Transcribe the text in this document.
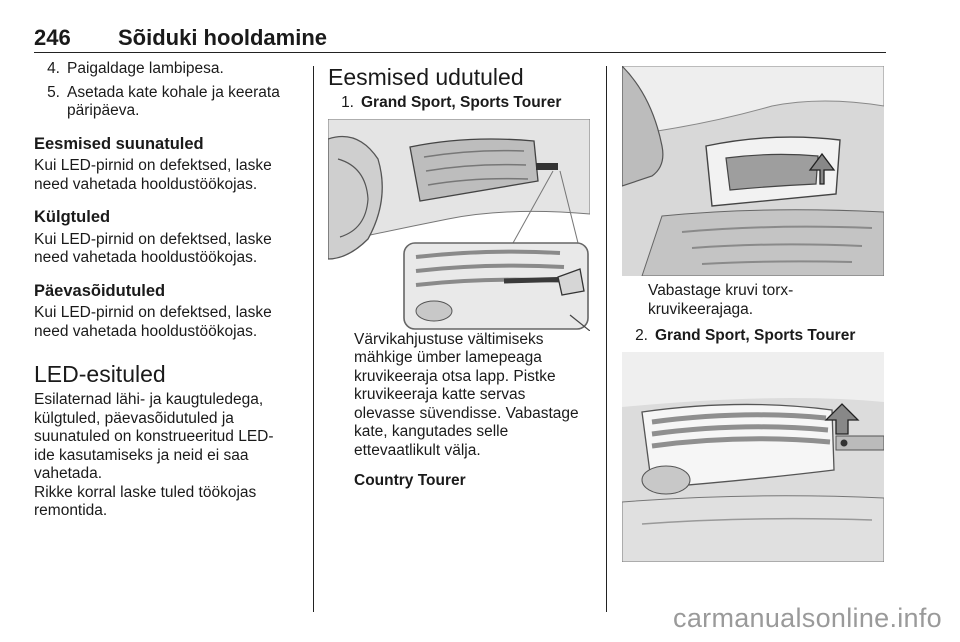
246 Sõiduki hooldamine
4. Paigaldage lambipesa.
5. Asetada kate kohale ja keerata päripäeva.
Eesmised suunatuled

Kui LED-pirnid on defektsed, laske need vahetada hooldustöökojas.

Külgtuled

Kui LED-pirnid on defektsed, laske need vahetada hooldustöökojas.

Päevasõidutuled

Kui LED-pirnid on defektsed, laske need vahetada hooldustöökojas.

LED-esituled

Esilaternad lähi- ja kaugtuledega, külgtuled, päevasõidutuled ja suunatuled on konstrueeritud LED-ide kasutamiseks ja neid ei saa vahetada.

Rikke korral laske tuled töökojas remontida.

Eesmised udutuled
1. Grand Sport, Sports Tourer

Värvikahjustuse vältimiseks mähkige ümber lamepeaga kruvikeeraja otsa lapp. Pistke kruvikeeraja katte servas olevasse süvendisse. Vabastage kate, kangutades selle ettevaatlikult välja.

Country Tourer

Vabastage kruvi torx-kruvikeerajaga.

2. Grand Sport, Sports Tourer
carmanualsonline.info
